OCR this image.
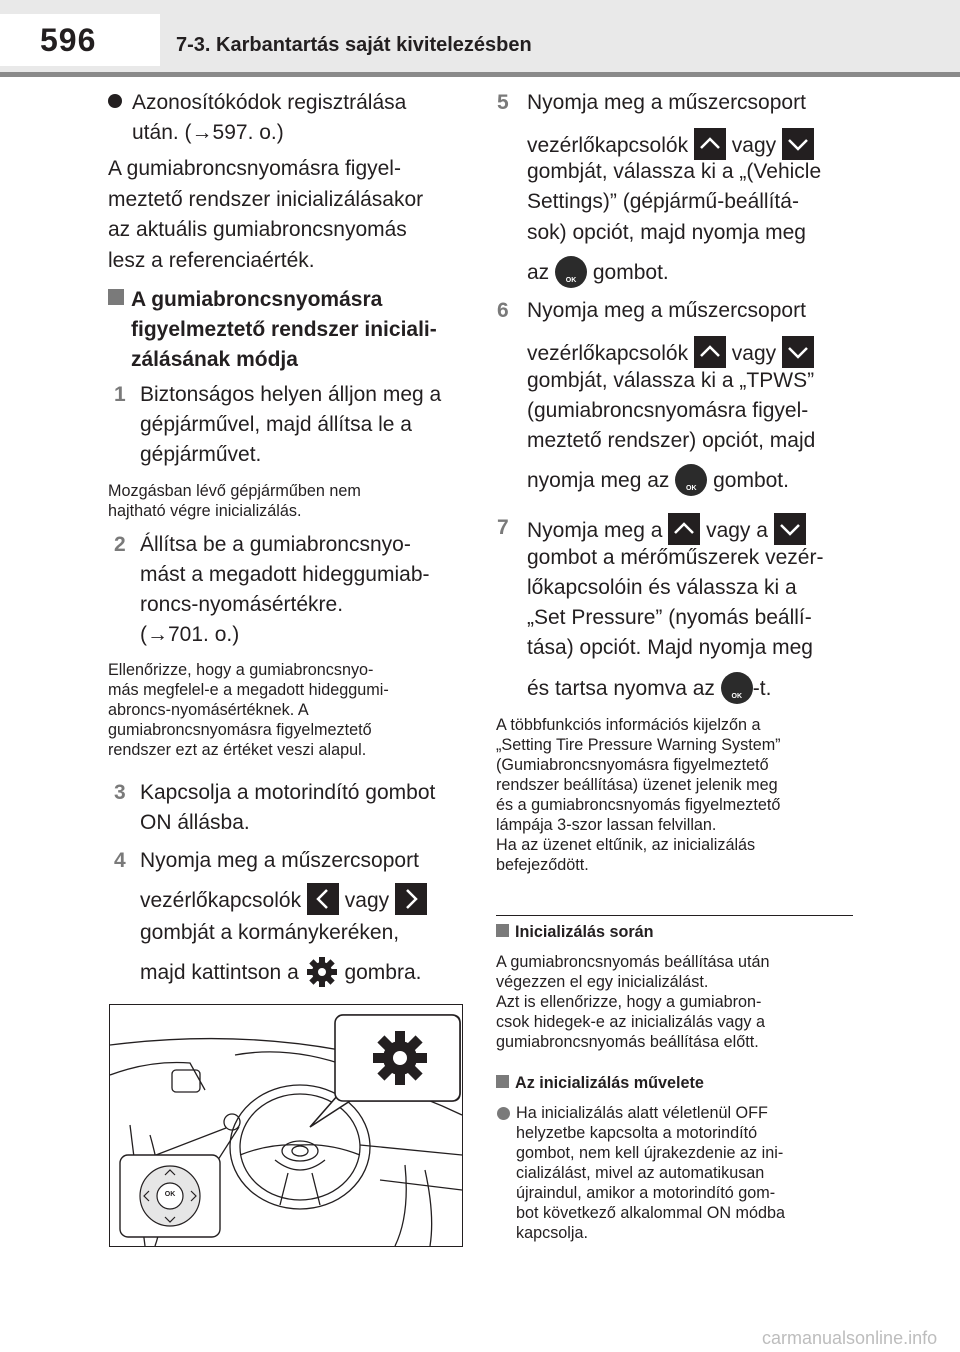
596	7-3. Karbantartás saját kivitelezésben
Azonosítókódok regisztrálása
után. (→597. o.)
A gumiabroncsnyomásra figyel-
meztető rendszer inicializálásakor
az aktuális gumiabroncsnyomás
lesz a referenciaérték.
A gumiabroncsnyomásra
figyelmeztető rendszer iniciali-
zálásának módja
1 Biztonságos helyen álljon meg a
gépjárművel, majd állítsa le a
gépjárművet.
Mozgásban lévő gépjárműben nem
hajtható végre inicializálás.
2 Állítsa be a gumiabroncsnyo-
mást a megadott hideggumiab-
roncs-nyomásértékre.
(→701. o.)
Ellenőrizze, hogy a gumiabroncsnyo-
más megfelel-e a megadott hideggumi-
abroncs-nyomásértéknek. A
gumiabroncsnyomásra figyelmeztető
rendszer ezt az értéket veszi alapul.
3 Kapcsolja a motorindító gombot
ON állásba.
4 Nyomja meg a műszercsoport
vezérlőkapcsolók vagy
gombját a kormánykeréken,
majd kattintson a gombra.
OK
5 Nyomja meg a műszercsoport
vezérlőkapcsolók vagy
gombját, válassza ki a „(Vehicle
Settings)” (gépjármű-beállítá-
sok) opciót, majd nyomja meg
az	OK gombot.
6 Nyomja meg a műszercsoport
vezérlőkapcsolók vagy
gombját, válassza ki a „TPWS”
(gumiabroncsnyomásra figyel-
meztető rendszer) opciót, majd
nyomja meg az	OK gombot.
7 Nyomja meg a vagy a
gombot a mérőműszerek vezér-
lőkapcsolóin és válassza ki a
„Set Pressure” (nyomás beállí-
tása) opciót. Majd nyomja meg
és tartsa nyomva az	OK -t.
A többfunkciós információs kijelzőn a
„Setting Tire Pressure Warning System”
(Gumiabroncsnyomásra figyelmeztető
rendszer beállítása) üzenet jelenik meg
és a gumiabroncsnyomás figyelmeztető
lámpája 3-szor lassan felvillan.
Ha az üzenet eltűnik, az inicializálás
befejeződött.
Inicializálás során
A gumiabroncsnyomás beállítása után
végezzen el egy inicializálást.
Azt is ellenőrizze, hogy a gumiabron-
csok hidegek-e az inicializálás vagy a
gumiabroncsnyomás beállítása előtt.
Az inicializálás művelete
Ha inicializálás alatt véletlenül OFF
helyzetbe kapcsolta a motorindító
gombot, nem kell újrakezdenie az ini-
cializálást, mivel az automatikusan
újraindul, amikor a motorindító gom-
bot következő alkalommal ON módba
kapcsolja.
carmanualsonline.info
